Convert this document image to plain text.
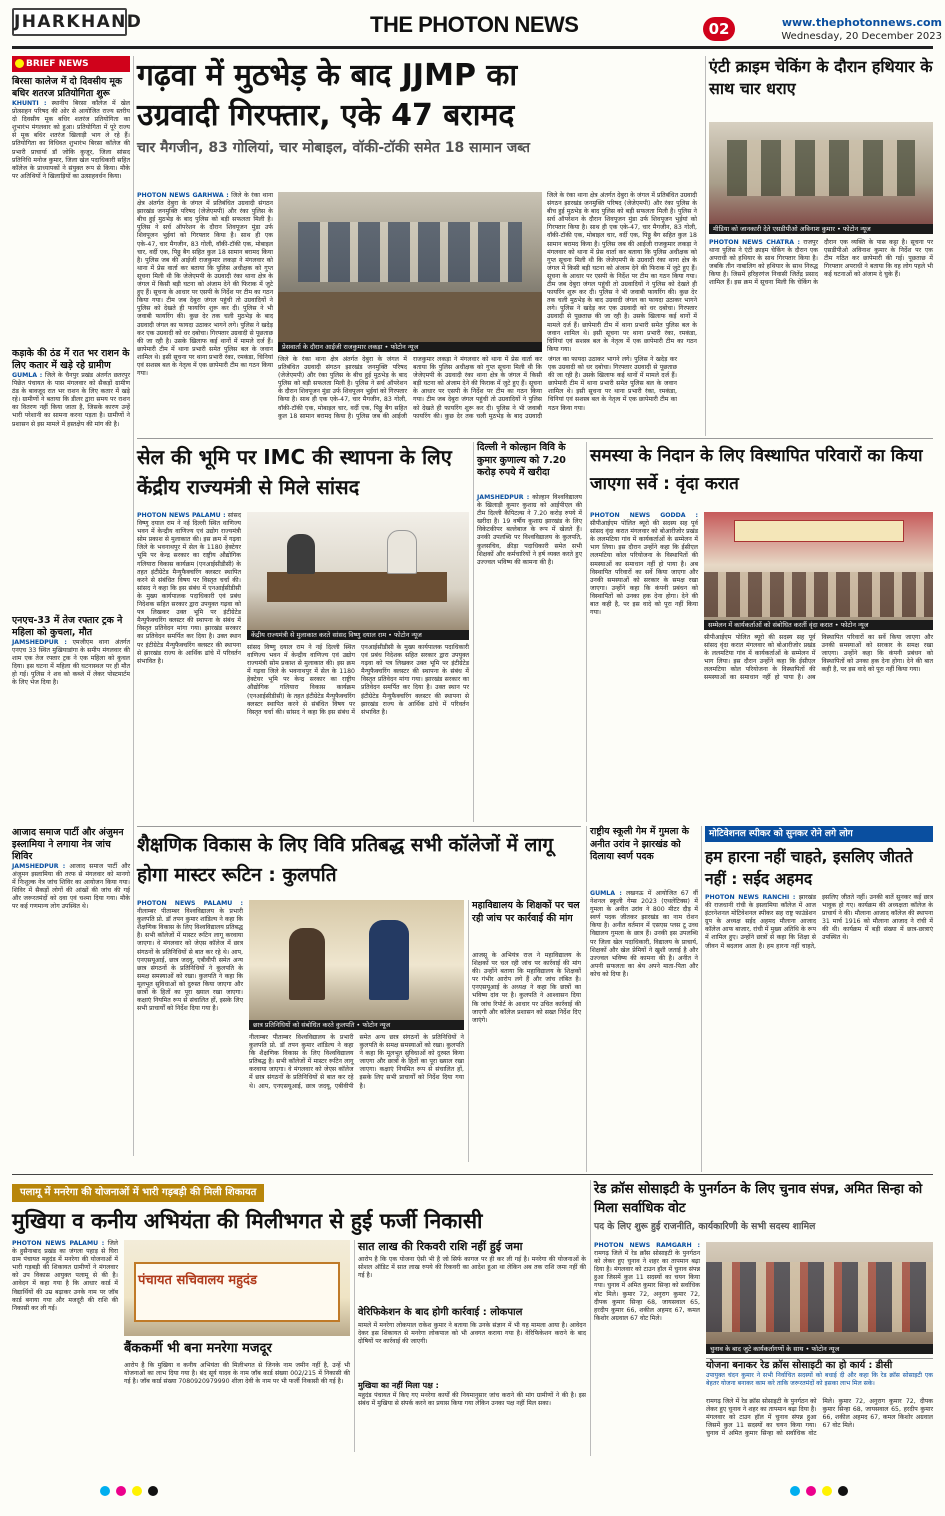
JHARKHAND	THE PHOTON NEWS	02	www.thephotonnews.com
Wednesday, 20 December 2023
BRIEF NEWS
बिरसा कालेज में दो दिवसीय मूक बधिर शतरज प्रतियोगिता शुरू
KHUNTI : स्थानीय बिरसा कॉलेज में खेल प्रोत्साहन परिषद की ओर से आयोजित राज्य स्तरीय दो दिवसीय मूक बधिर शतरंज प्रतियोगिता का शुभारंभ मंगलवार को हुआ। प्रतियोगिता में पूरे राज्य से मूक बधिर शतरंज खिलाड़ी भाग ले रहे हैं। प्रतियोगिता का विधिवत शुभारंभ बिरसा कॉलेज की प्रभारी प्राचार्या डॉ जोकि कुजूर, जिला सांसद प्रतिनिधि मनोज कुमार, जिला खेल पदाधिकारी सहित कॉलेज के प्राध्यापकों ने संयुक्त रूप से किया। मौके पर अतिथियों ने खिलाड़ियों का उत्साहवर्धन किया।
कड़ाके की ठंड में रात भर राशन के लिए कतार में खड़े रहे ग्रामीण
GUMLA : जिले के चैनपुर प्रखंड अंतर्गत छतरपुर पिछेत पंचायत के पास मंगलवार को सैकड़ों ग्रामीण ठंड के बावजूद रात भर राशन के लिए कतार में खड़े रहे। ग्रामीणों ने बताया कि डीलर द्वारा समय पर राशन का वितरण नहीं किया जाता है, जिसके कारण उन्हें भारी परेशानी का सामना करना पड़ता है। ग्रामीणों ने प्रशासन से इस मामले में हस्तक्षेप की मांग की है।
एनएच-33 में तेज रफ्तार ट्रक ने महिला को कुचला, मौत
JAMSHEDPUR : एमजीएम थाना अंतर्गत एनएच 33 स्थित मुखियाडांगा के समीप मंगलवार की शाम एक तेज रफ्तार ट्रक ने एक महिला को कुचल दिया। इस घटना में महिला की घटनास्थल पर ही मौत हो गई। पुलिस ने शव को कब्जे में लेकर पोस्टमार्टम के लिए भेज दिया है।
आजाद समाज पार्टी और अंजुमन इस्लामिया ने लगाया नेत्र जांच शिविर
JAMSHEDPUR : आजाद समाज पार्टी और अंजुमन इस्लामिया की तरफ से मंगलवार को मानगो में निःशुल्क नेत्र जांच शिविर का आयोजन किया गया। शिविर में सैकड़ों लोगों की आंखों की जांच की गई और जरूरतमंदों को दवा एवं चश्मा दिया गया। मौके पर कई गणमान्य लोग उपस्थित थे।
गढ़वा में मुठभेड़ के बाद JJMP का
उग्रवादी गिरफ्तार, एके 47 बरामद
चार मैगजीन, 83 गोलियां, चार मोबाइल, वॉकी-टॉकी समेत 18 सामान जब्त
PHOTON NEWS GARHWA : जिले के रंका थाना क्षेत्र अंतर्गत देबुरा के जंगल में प्रतिबंधित उग्रवादी संगठन झारखंड जनमुक्ति परिषद (जेजेएमपी) और रंका पुलिस के बीच हुई मुठभेड़ के बाद पुलिस को बड़ी सफलता मिली है। पुलिस ने सर्च ऑपरेशन के दौरान शिवपूजन मुंडा उर्फ शिवपूजन भुईयां को गिरफ्तार किया है। साथ ही एक एके-47, चार मैगजीन, 83 गोली, वॉकी-टॉकी एक, मोबाइल चार, वर्दी एक, पिठ्ठू बैग सहित कुल 18 सामान बरामद किया है। पुलिस जब की आईजी राजकुमार लकड़ा ने मंगलवार को थाना में प्रेस वार्ता कर बताया कि पुलिस अधीक्षक को गुप्त सूचना मिली थी कि जेजेएमपी के उग्रवादी रंका थाना क्षेत्र के जंगल में किसी बड़ी घटना को अंजाम देने की फिराक में जुटे हुए हैं। सूचना के आधार पर एसपी के निर्देश पर टीम का गठन किया गया। टीम जब देबुरा जंगल पहुंची तो उग्रवादियों ने पुलिस को देखते ही फायरिंग शुरू कर दी। पुलिस ने भी जवाबी फायरिंग की। कुछ देर तक चली मुठभेड़ के बाद उग्रवादी जंगल का फायदा उठाकर भागने लगे। पुलिस ने खदेड़ कर एक उग्रवादी को धर दबोचा। गिरफ्तार उग्रवादी से पूछताछ की जा रही है। उसके खिलाफ कई थानों में मामले दर्ज हैं। छापेमारी टीम में थाना प्रभारी समेत पुलिस बल के जवान शामिल थे। इसी सूचना पर थाना प्रभारी रंका, रमकंडा, चिनियां एवं सशस्त्र बल के नेतृत्व में एक छापेमारी टीम का गठन किया गया।
प्रेसवार्ता के दौरान आईजी राजकुमार लकड़ा • फोटोन न्यूज
जिले के रंका थाना क्षेत्र अंतर्गत देबुरा के जंगल में प्रतिबंधित उग्रवादी संगठन झारखंड जनमुक्ति परिषद (जेजेएमपी) और रंका पुलिस के बीच हुई मुठभेड़ के बाद पुलिस को बड़ी सफलता मिली है। पुलिस ने सर्च ऑपरेशन के दौरान शिवपूजन मुंडा उर्फ शिवपूजन भुईयां को गिरफ्तार किया है। साथ ही एक एके-47, चार मैगजीन, 83 गोली, वॉकी-टॉकी एक, मोबाइल चार, वर्दी एक, पिठ्ठू बैग सहित कुल 18 सामान बरामद किया है। पुलिस जब की आईजी राजकुमार लकड़ा ने मंगलवार को थाना में प्रेस वार्ता कर बताया कि पुलिस अधीक्षक को गुप्त सूचना मिली थी कि जेजेएमपी के उग्रवादी रंका थाना क्षेत्र के जंगल में किसी बड़ी घटना को अंजाम देने की फिराक में जुटे हुए हैं। सूचना के आधार पर एसपी के निर्देश पर टीम का गठन किया गया। टीम जब देबुरा जंगल पहुंची तो उग्रवादियों ने पुलिस को देखते ही फायरिंग शुरू कर दी। पुलिस ने भी जवाबी फायरिंग की। कुछ देर तक चली मुठभेड़ के बाद उग्रवादी जंगल का फायदा उठाकर भागने लगे। पुलिस ने खदेड़ कर एक उग्रवादी को धर दबोचा। गिरफ्तार उग्रवादी से पूछताछ की जा रही है। उसके खिलाफ कई थानों में मामले दर्ज हैं। छापेमारी टीम में थाना प्रभारी समेत पुलिस बल के जवान शामिल थे। इसी सूचना पर थाना प्रभारी रंका, रमकंडा, चिनियां एवं सशस्त्र बल के नेतृत्व में एक छापेमारी टीम का गठन किया गया।
जिले के रंका थाना क्षेत्र अंतर्गत देबुरा के जंगल में प्रतिबंधित उग्रवादी संगठन झारखंड जनमुक्ति परिषद (जेजेएमपी) और रंका पुलिस के बीच हुई मुठभेड़ के बाद पुलिस को बड़ी सफलता मिली है। पुलिस ने सर्च ऑपरेशन के दौरान शिवपूजन मुंडा उर्फ शिवपूजन भुईयां को गिरफ्तार किया है। साथ ही एक एके-47, चार मैगजीन, 83 गोली, वॉकी-टॉकी एक, मोबाइल चार, वर्दी एक, पिठ्ठू बैग सहित कुल 18 सामान बरामद किया है। पुलिस जब की आईजी राजकुमार लकड़ा ने मंगलवार को थाना में प्रेस वार्ता कर बताया कि पुलिस अधीक्षक को गुप्त सूचना मिली थी कि जेजेएमपी के उग्रवादी रंका थाना क्षेत्र के जंगल में किसी बड़ी घटना को अंजाम देने की फिराक में जुटे हुए हैं। सूचना के आधार पर एसपी के निर्देश पर टीम का गठन किया गया। टीम जब देबुरा जंगल पहुंची तो उग्रवादियों ने पुलिस को देखते ही फायरिंग शुरू कर दी। पुलिस ने भी जवाबी फायरिंग की। कुछ देर तक चली मुठभेड़ के बाद उग्रवादी जंगल का फायदा उठाकर भागने लगे। पुलिस ने खदेड़ कर एक उग्रवादी को धर दबोचा। गिरफ्तार उग्रवादी से पूछताछ की जा रही है। उसके खिलाफ कई थानों में मामले दर्ज हैं। छापेमारी टीम में थाना प्रभारी समेत पुलिस बल के जवान शामिल थे। इसी सूचना पर थाना प्रभारी रंका, रमकंडा, चिनियां एवं सशस्त्र बल के नेतृत्व में एक छापेमारी टीम का गठन किया गया।
एंटी क्राइम चेकिंग के दौरान हथियार के साथ चार धराए
मीडिया को जानकारी देते एसडीपीओ अविनाश कुमार • फोटोन न्यूज
PHOTON NEWS CHATRA : राजपुर थाना पुलिस ने एंटी क्राइम चेकिंग के दौरान एक अपराधी को हथियार के साथ गिरफ्तार किया है। जबकि तीन नाबालिग को हथियार के साथ निरुद्ध किया है। जिसमें हरिहरगंज निवासी जितेंद्र प्रसाद शामिल हैं। इस क्रम में सूचना मिली कि चेकिंग के दौरान एक व्यक्ति के पास कट्टा है। सूचना पर एसडीपीओ अविनाश कुमार के निर्देश पर एक टीम गठित कर छापेमारी की गई। पूछताछ में गिरफ्तार अपराधी ने बताया कि वह लोग पहले भी कई घटनाओं को अंजाम दे चुके हैं।
सेल की भूमि पर IMC की स्थापना के लिए केंद्रीय राज्यमंत्री से मिले सांसद
PHOTON NEWS PALAMU : सांसद विष्णु दयाल राम ने नई दिल्ली स्थित वाणिज्य भवन में केन्द्रीय वाणिज्य एवं उद्योग राज्यमंत्री सोम प्रकाश से मुलाकात की। इस क्रम में गढ़वा जिले के भवनाथपुर में सेल के 1180 हेक्टेयर भूमि पर केन्द्र सरकार का राष्ट्रीय औद्योगिक गलियारा विकास कार्यक्रम (एनआईसीडीसी) के तहत इंटीग्रेटेड मैन्युफैक्चरिंग क्लस्टर स्थापित करने से संबंधित विषय पर विस्तृत चर्चा की। सांसद ने कहा कि इस संबंध में एनआईसीडीसी के मुख्य कार्यपालक पदाधिकारी एवं प्रबंध निदेशक सहित सरकार द्वारा उपयुक्त गढ़वा को पत्र लिखकर उक्त भूमि पर इंटीग्रेटेड मैन्युफैक्चरिंग क्लस्टर की स्थापना के संबंध में विस्तृत प्रतिवेदन मांगा गया। झारखंड सरकार का प्रतिवेदन समर्पित कर दिया है। उक्त स्थान पर इंटीग्रेटेड मैन्युफैक्चरिंग क्लस्टर की स्थापना से झारखंड राज्य के आर्थिक ढांचे में परिवर्तन संभावित है।
केंद्रीय राज्यमंत्री से मुलाकात करते सांसद विष्णु दयाल राम • फोटोन न्यूज
सांसद विष्णु दयाल राम ने नई दिल्ली स्थित वाणिज्य भवन में केन्द्रीय वाणिज्य एवं उद्योग राज्यमंत्री सोम प्रकाश से मुलाकात की। इस क्रम में गढ़वा जिले के भवनाथपुर में सेल के 1180 हेक्टेयर भूमि पर केन्द्र सरकार का राष्ट्रीय औद्योगिक गलियारा विकास कार्यक्रम (एनआईसीडीसी) के तहत इंटीग्रेटेड मैन्युफैक्चरिंग क्लस्टर स्थापित करने से संबंधित विषय पर विस्तृत चर्चा की। सांसद ने कहा कि इस संबंध में एनआईसीडीसी के मुख्य कार्यपालक पदाधिकारी एवं प्रबंध निदेशक सहित सरकार द्वारा उपयुक्त गढ़वा को पत्र लिखकर उक्त भूमि पर इंटीग्रेटेड मैन्युफैक्चरिंग क्लस्टर की स्थापना के संबंध में विस्तृत प्रतिवेदन मांगा गया। झारखंड सरकार का प्रतिवेदन समर्पित कर दिया है। उक्त स्थान पर इंटीग्रेटेड मैन्युफैक्चरिंग क्लस्टर की स्थापना से झारखंड राज्य के आर्थिक ढांचे में परिवर्तन संभावित है।
दिल्ली ने कोल्हान विवि के कुमार कुणाल्य को 7.20 करोड़ रुपये में खरीदा
JAMSHEDPUR : कोल्हान विश्वविद्यालय के खिलाड़ी कुमार कुशाग्र को आईपीएल की टीम दिल्ली कैपिटल्स ने 7.20 करोड़ रुपये में खरीदा है। 19 वर्षीय कुशाग्र झारखंड के लिए विकेटकीपर बल्लेबाज के रूप में खेलते हैं। उनकी उपलब्धि पर विश्वविद्यालय के कुलपति, कुलसचिव, क्रीड़ा पदाधिकारी समेत सभी शिक्षकों और कर्मचारियों ने हर्ष व्यक्त करते हुए उज्ज्वल भविष्य की कामना की है।
समस्या के निदान के लिए विस्थापित परिवारों का किया जाएगा सर्वे : वृंदा करात
PHOTON NEWS GODDA : सीपीआईएम पोलित ब्यूरो की सदस्य सह पूर्व सांसद वृंदा करात मंगलवार को बोआरीजोर प्रखंड के ललमटिया गांव में कार्यकर्ताओं के सम्मेलन में भाग लिया। इस दौरान उन्होंने कहा कि ईसीएल ललमटिया कोल परियोजना के विस्थापितों की समस्याओं का समाधान नहीं हो पाया है। अब विस्थापित परिवारों का सर्वे किया जाएगा और उनकी समस्याओं को सरकार के समक्ष रखा जाएगा। उन्होंने कहा कि कंपनी प्रबंधन को विस्थापितों को उनका हक देना होगा। देने की बात कही है, पर इस वादे को पूरा नहीं किया गया।
सम्मेलन में कार्यकर्ताओं को संबोधित करतीं वृंदा करात • फोटोन न्यूज
सीपीआईएम पोलित ब्यूरो की सदस्य सह पूर्व सांसद वृंदा करात मंगलवार को बोआरीजोर प्रखंड के ललमटिया गांव में कार्यकर्ताओं के सम्मेलन में भाग लिया। इस दौरान उन्होंने कहा कि ईसीएल ललमटिया कोल परियोजना के विस्थापितों की समस्याओं का समाधान नहीं हो पाया है। अब विस्थापित परिवारों का सर्वे किया जाएगा और उनकी समस्याओं को सरकार के समक्ष रखा जाएगा। उन्होंने कहा कि कंपनी प्रबंधन को विस्थापितों को उनका हक देना होगा। देने की बात कही है, पर इस वादे को पूरा नहीं किया गया।
शैक्षणिक विकास के लिए विवि प्रतिबद्ध सभी कॉलेजों में लागू होगा मास्टर रूटिन : कुलपति
PHOTON NEWS PALAMU : नीलाम्बर पीताम्बर विश्वविद्यालय के प्रभारी कुलपति प्रो. डॉ तपन कुमार शांडिल्य ने कहा कि शैक्षणिक विकास के लिए विश्वविद्यालय प्रतिबद्ध है। सभी कॉलेजों में मास्टर रूटिन लागू करवाया जाएगा। वे मंगलवार को जेएस कॉलेज में छात्र संगठनों के प्रतिनिधियों से बात कर रहे थे। आप, एनएसयूआई, छात्र जदयू, एबीवीपी समेत अन्य छात्र संगठनों के प्रतिनिधियों ने कुलपति के समक्ष समस्याओं को रखा। कुलपति ने कहा कि मूलभूत सुविधाओं को दुरुस्त किया जाएगा और छात्रों के हितों का पूरा ख्याल रखा जाएगा। कक्षाएं नियमित रूप से संचालित हों, इसके लिए सभी प्राचार्यों को निर्देश दिया गया है।
छात्र प्रतिनिधियों को संबोधित करते कुलपति • फोटोन न्यूज
नीलाम्बर पीताम्बर विश्वविद्यालय के प्रभारी कुलपति प्रो. डॉ तपन कुमार शांडिल्य ने कहा कि शैक्षणिक विकास के लिए विश्वविद्यालय प्रतिबद्ध है। सभी कॉलेजों में मास्टर रूटिन लागू करवाया जाएगा। वे मंगलवार को जेएस कॉलेज में छात्र संगठनों के प्रतिनिधियों से बात कर रहे थे। आप, एनएसयूआई, छात्र जदयू, एबीवीपी समेत अन्य छात्र संगठनों के प्रतिनिधियों ने कुलपति के समक्ष समस्याओं को रखा। कुलपति ने कहा कि मूलभूत सुविधाओं को दुरुस्त किया जाएगा और छात्रों के हितों का पूरा ख्याल रखा जाएगा। कक्षाएं नियमित रूप से संचालित हों, इसके लिए सभी प्राचार्यों को निर्देश दिया गया है।
महाविद्यालय के शिक्षकों पर चल रही जांच पर कार्रवाई की मांग
आजसू के अभियंत्र राज ने महाविद्यालय के शिक्षकों पर चल रही जांच पर कार्रवाई की मांग की। उन्होंने बताया कि महाविद्यालय के शिक्षकों पर गंभीर आरोप लगे हैं और जांच लंबित है। एनएसयूआई के अध्यक्ष ने कहा कि छात्रों का भविष्य दांव पर है। कुलपति ने आश्वासन दिया कि जांच रिपोर्ट के आधार पर उचित कार्रवाई की जाएगी और कॉलेज प्रशासन को सख्त निर्देश दिए जाएंगे।
राष्ट्रीय स्कूली गेम में गुमला के अनीत उरांव ने झारखंड को दिलाया स्वर्ण पदक
GUMLA : लखनऊ में आयोजित 67 वीं नेशनल स्कूली गेम्स 2023 (एथलेटिक्स) में गुमला के अनीत उरांव ने 800 मीटर दौड़ में स्वर्ण पदक जीतकर झारखंड का नाम रोशन किया है। अनीत वर्तमान में एसएस प्लस टू उच्च विद्यालय गुमला के छात्र हैं। उनकी इस उपलब्धि पर जिला खेल पदाधिकारी, विद्यालय के प्राचार्य, शिक्षकों और खेल प्रेमियों ने खुशी जताई है और उज्ज्वल भविष्य की कामना की है। अनीत ने अपनी सफलता का श्रेय अपने माता-पिता और कोच को दिया है।
मोटिवेशनल स्पीकर को सुनकर रोने लगे लोग
हम हारना नहीं चाहते, इसलिए जीतते नहीं : सईद अहमद
PHOTON NEWS RANCHI : झारखंड की राजधानी रांची के इस्लामिया कॉलेज में आज इंटरनेशनल मोटिवेशनल स्पीकर सह राष्ट्र फाउंडेशन ग्रुप के अध्यक्ष सईद अहमद मौलाना आजाद कॉलेज आफ बाजार, रांची में मुख्य अतिथि के रूप में शामिल हुए। उन्होंने छात्रों से कहा कि शिक्षा से जीवन में बदलाव आता है। हम हारना नहीं चाहते, इसलिए जीतते नहीं। उनकी बातें सुनकर कई छात्र भावुक हो गए। कार्यक्रम की अध्यक्षता कॉलेज के प्राचार्य ने की। मौलाना आजाद कॉलेज की स्थापना 31 मार्च 1916 को मौलाना आजाद ने रांची में की थी। कार्यक्रम में बड़ी संख्या में छात्र-छात्राएं उपस्थित थे।
पलामू में मनरेगा की योजनाओं में भारी गड़बड़ी की मिली शिकायत
मुखिया व कनीय अभियंता की मिलीभगत से हुई फर्जी निकासी
PHOTON NEWS PALAMU : जिले के हुसैनाबाद प्रखंड का जंगला पहाड़ से घिरा ग्राम पंचायत महुदंड में मनरेगा की योजनाओं में भारी गड़बड़ी की शिकायत ग्रामीणों ने मंगलवार को उप विकास आयुक्त पलामू से की है। आवेदन में कहा गया है कि आधार कार्ड में विद्यार्थियों की उम्र बढ़ाकर उनके नाम पर जॉब कार्ड बनाया गया और मजदूरी की राशि की निकासी कर ली गई।
पंचायत सचिवालय महुदंड
बैंककर्मी भी बना मनरेगा मजदूर
आरोप है कि मुखिया व कनीय अभियंता की मिलीभगत से जिनके नाम जमीन नहीं है, उन्हें भी योजनाओं का लाभ दिया गया है। बंद सूर्य यादव के नाम जॉब कार्ड संख्या 002/215 में निकासी की गई है। जॉब कार्ड संख्या 7080920979990 शीला देवी के नाम पर भी फर्जी निकासी की गई है।
सात लाख की रिकवरी राशि नहीं हुई जमा
आरोप है कि एक योजना ऐसी भी है जो सिर्फ कागज पर ही कर ली गई है। मनरेगा की योजनाओं के सोशल ऑडिट में सात लाख रुपये की रिकवरी का आदेश हुआ था लेकिन अब तक राशि जमा नहीं की गई है।
वेरिफिकेशन के बाद होगी कार्रवाई : लोकपाल
मामले में मनरेगा लोकपाल राकेश कुमार ने बताया कि उनके संज्ञान में भी यह मामला आया है। आवेदन देकर इस शिकायत से मनरेगा लोकपाल को भी अवगत कराया गया है। वेरिफिकेशन कराने के बाद दोषियों पर कार्रवाई की जाएगी।
मुखिया का नहीं मिला पक्ष :
महुदंड पंचायत में किए गए मनरेगा कार्यों की नियमानुसार जांच कराने की मांग ग्रामीणों ने की है। इस संबंध में मुखिया से संपर्क करने का प्रयास किया गया लेकिन उनका पक्ष नहीं मिल सका।
रेड क्रॉस सोसाइटी के पुनर्गठन के लिए चुनाव संपन्न, अमित सिन्हा को मिला सर्वाधिक वोट
पद के लिए शुरू हुई राजनीति, कार्यकारिणी के सभी सदस्य शामिल
PHOTON NEWS RAMGARH : रामगढ़ जिले में रेड क्रॉस सोसाइटी के पुनर्गठन को लेकर हुए चुनाव ने शहर का तापमान बढ़ा दिया है। मंगलवार को टाउन हॉल में चुनाव संपन्न हुआ जिसमें कुल 11 सदस्यों का चयन किया गया। चुनाव में अमित कुमार सिन्हा को सर्वाधिक वोट मिले। कुमार 72, अनुराग कुमार 72, दीपक कुमार सिन्हा 68, जायसवाल 65, हरदीप कुमार 66, शकील अहमद 67, कमल किशोर अग्रवाल 67 वोट मिले।
चुनाव के बाद जुटे कार्यकर्तागणों के साथ • फोटोन न्यूज
योजना बनाकर रेड क्रॉस सोसाइटी का हो कार्य : डीसी
उपायुक्त चंदन कुमार ने सभी निर्वाचित सदस्यों को बधाई दी और कहा कि रेड क्रॉस सोसाइटी एक बेहतर योजना बनाकर काम करे ताकि जरूरतमंदों को इसका लाभ मिल सके।
रामगढ़ जिले में रेड क्रॉस सोसाइटी के पुनर्गठन को लेकर हुए चुनाव ने शहर का तापमान बढ़ा दिया है। मंगलवार को टाउन हॉल में चुनाव संपन्न हुआ जिसमें कुल 11 सदस्यों का चयन किया गया। चुनाव में अमित कुमार सिन्हा को सर्वाधिक वोट मिले। कुमार 72, अनुराग कुमार 72, दीपक कुमार सिन्हा 68, जायसवाल 65, हरदीप कुमार 66, शकील अहमद 67, कमल किशोर अग्रवाल 67 वोट मिले।
